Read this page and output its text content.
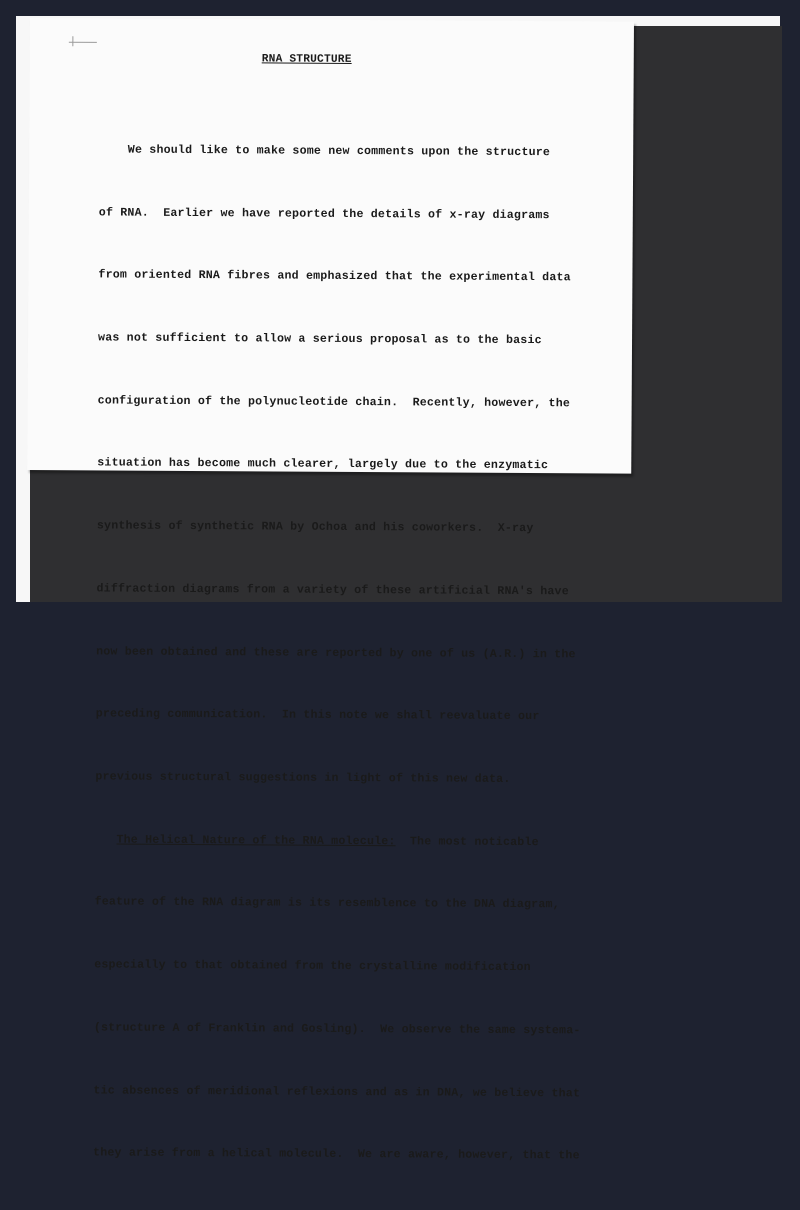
RNA STRUCTURE

We should like to make some new comments upon the structure

of RNA.  Earlier we have reported the details of x-ray diagrams

from oriented RNA fibres and emphasized that the experimental data

was not sufficient to allow a serious proposal as to the basic

configuration of the polynucleotide chain.  Recently, however, the

situation has become much clearer, largely due to the enzymatic

synthesis of synthetic RNA by Ochoa and his coworkers.  X-ray

diffraction diagrams from a variety of these artificial RNA's have

now been obtained and these are reported by one of us (A.R.) in the

preceding communication.  In this note we shall reevaluate our

previous structural suggestions in light of this new data.

The Helical Nature of the RNA molecule:  The most noticable

feature of the RNA diagram is its resemblence to the DNA diagram,

especially to that obtained from the crystalline modification

(structure A of Franklin and Gosling).  We observe the same systema-

tic absences of meridional reflexions and as in DNA, we believe that

they arise from a helical molecule.  We are aware, however, that the
